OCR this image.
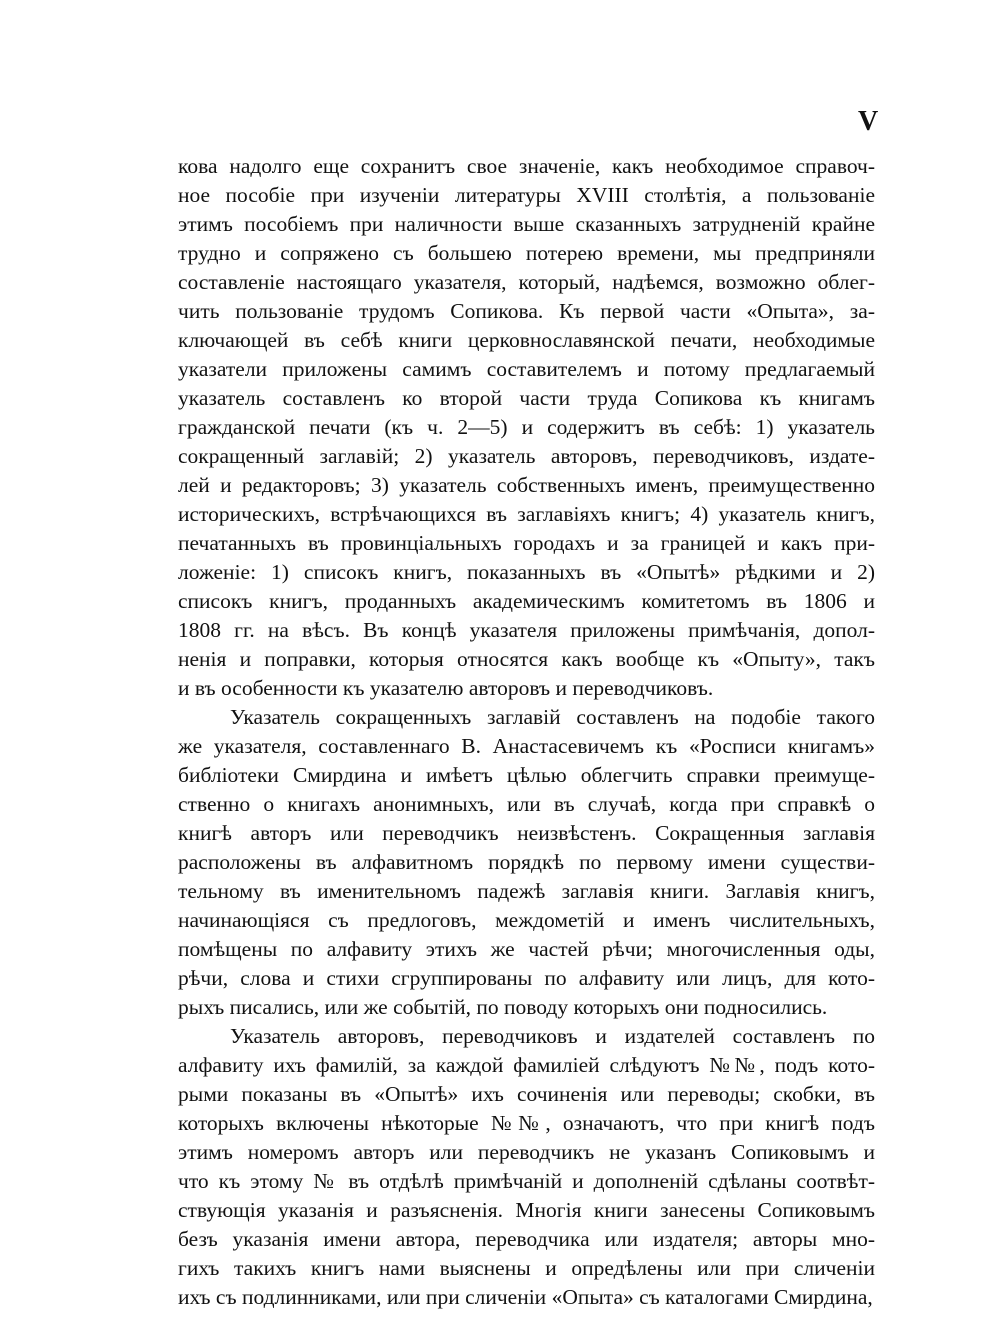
V
кова надолго еще сохранитъ свое значеніе, какъ необходимое справоч-
ное пособіе при изученіи литературы XVIII столѣтія, а пользованіе
этимъ пособіемъ при наличности выше сказанныхъ затрудненій крайне
трудно и сопряжено съ большею потерею времени, мы предприняли
составленіе настоящаго указателя, который, надѣемся, возможно облег-
чить пользованіе трудомъ Сопикова. Къ первой части «Опыта», за-
ключающей въ себѣ книги церковнославянской печати, необходимые
указатели приложены самимъ составителемъ и потому предлагаемый
указатель составленъ ко второй части труда Сопикова къ книгамъ
гражданской печати (къ ч. 2—5) и содержитъ въ себѣ: 1) указатель
сокращенный заглавій; 2) указатель авторовъ, переводчиковъ, издате-
лей и редакторовъ; 3) указатель собственныхъ именъ, преимущественно
историческихъ, встрѣчающихся въ заглавіяхъ книгъ; 4) указатель книгъ,
печатанныхъ въ провинціальныхъ городахъ и за границей и какъ при-
ложеніе: 1) списокъ книгъ, показанныхъ въ «Опытѣ» рѣдкими и 2)
списокъ книгъ, проданныхъ академическимъ комитетомъ въ 1806 и
1808 гг. на вѣсъ. Въ концѣ указателя приложены примѣчанія, допол-
ненія и поправки, которыя относятся какъ вообще къ «Опыту», такъ
и въ особенности къ указателю авторовъ и переводчиковъ.
Указатель сокращенныхъ заглавій составленъ на подобіе такого
же указателя, составленнаго В. Анастасевичемъ къ «Росписи книгамъ»
библіотеки Смирдина и имѣетъ цѣлью облегчить справки преимуще-
ственно о книгахъ анонимныхъ, или въ случаѣ, когда при справкѣ о
книгѣ авторъ или переводчикъ неизвѣстенъ. Сокращенныя заглавія
расположены въ алфавитномъ порядкѣ по первому имени существи-
тельному въ именительномъ падежѣ заглавія книги. Заглавія книгъ,
начинающіяся съ предлоговъ, междометій и именъ числительныхъ,
помѣщены по алфавиту этихъ же частей рѣчи; многочисленныя оды,
рѣчи, слова и стихи сгруппированы по алфавиту или лицъ, для кото-
рыхъ писались, или же событій, по поводу которыхъ они подносились.
Указатель авторовъ, переводчиковъ и издателей составленъ по
алфавиту ихъ фамилій, за каждой фамиліей слѣдуютъ №№, подъ кото-
рыми показаны въ «Опытѣ» ихъ сочиненія или переводы; скобки, въ
которыхъ включены нѣкоторые №№, означаютъ, что при книгѣ подъ
этимъ номеромъ авторъ или переводчикъ не указанъ Сопиковымъ и
что къ этому № въ отдѣлѣ примѣчаній и дополненій сдѣланы соотвѣт-
ствующія указанія и разъясненія. Многія книги занесены Сопиковымъ
безъ указанія имени автора, переводчика или издателя; авторы мно-
гихъ такихъ книгъ нами выяснены и опредѣлены или при сличеніи
ихъ съ подлинниками, или при сличеніи «Опыта» съ каталогами Смирдина,
